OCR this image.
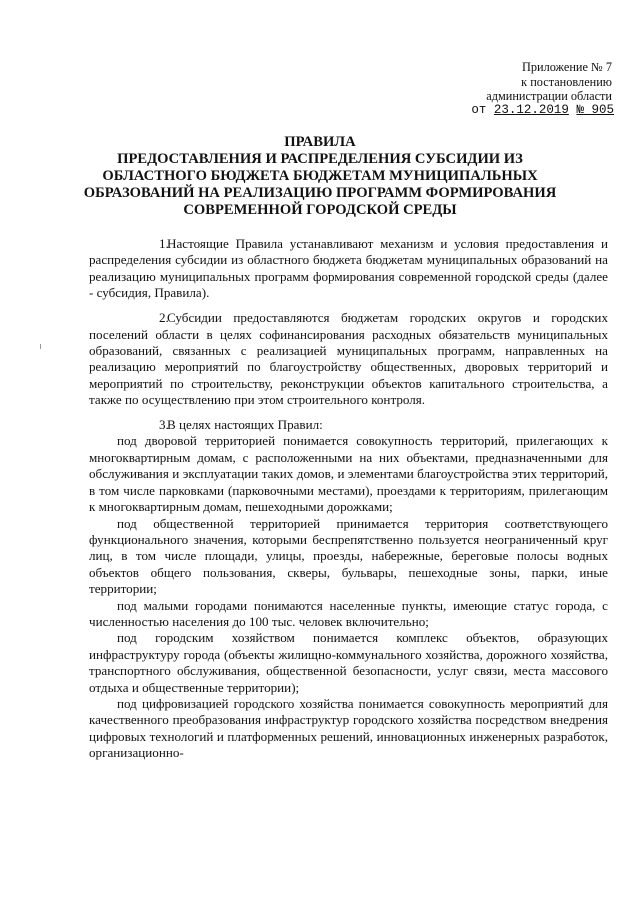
Приложение № 7
к постановлению
администрации области
от 23.12.2019 № 905
ПРАВИЛА
ПРЕДОСТАВЛЕНИЯ И РАСПРЕДЕЛЕНИЯ СУБСИДИИ ИЗ
ОБЛАСТНОГО БЮДЖЕТА БЮДЖЕТАМ МУНИЦИПАЛЬНЫХ
ОБРАЗОВАНИЙ НА РЕАЛИЗАЦИЮ ПРОГРАММ ФОРМИРОВАНИЯ
СОВРЕМЕННОЙ ГОРОДСКОЙ СРЕДЫ

1.Настоящие Правила устанавливают механизм и условия предоставления и распределения субсидии из областного бюджета бюджетам муниципальных образований на реализацию муниципальных программ формирования современной городской среды (далее - субсидия, Правила).

2.Субсидии предоставляются бюджетам городских округов и городских поселений области в целях софинансирования расходных обязательств муниципальных образований, связанных с реализацией муниципальных программ, направленных на реализацию мероприятий по благоустройству общественных, дворовых территорий и мероприятий по строительству, реконструкции объектов капитального строительства, а также по осуществлению при этом строительного контроля.

3.В целях настоящих Правил:

под дворовой территорией понимается совокупность территорий, прилегающих к многоквартирным домам, с расположенными на них объектами, предназначенными для обслуживания и эксплуатации таких домов, и элементами благоустройства этих территорий, в том числе парковками (парковочными местами), проездами к территориям, прилегающим к многоквартирным домам, пешеходными дорожками;

под общественной территорией принимается территория соответствующего функционального значения, которыми беспрепятственно пользуется неограниченный круг лиц, в том числе площади, улицы, проезды, набережные, береговые полосы водных объектов общего пользования, скверы, бульвары, пешеходные зоны, парки, иные территории;

под малыми городами понимаются населенные пункты, имеющие статус города, с численностью населения до 100 тыс. человек включительно;

под городским хозяйством понимается комплекс объектов, образующих инфраструктуру города (объекты жилищно-коммунального хозяйства, дорожного хозяйства, транспортного обслуживания, общественной безопасности, услуг связи, места массового отдыха и общественные территории);

под цифровизацией городского хозяйства понимается совокупность мероприятий для качественного преобразования инфраструктур городского хозяйства посредством внедрения цифровых технологий и платформенных решений, инновационных инженерных разработок, организационно-
